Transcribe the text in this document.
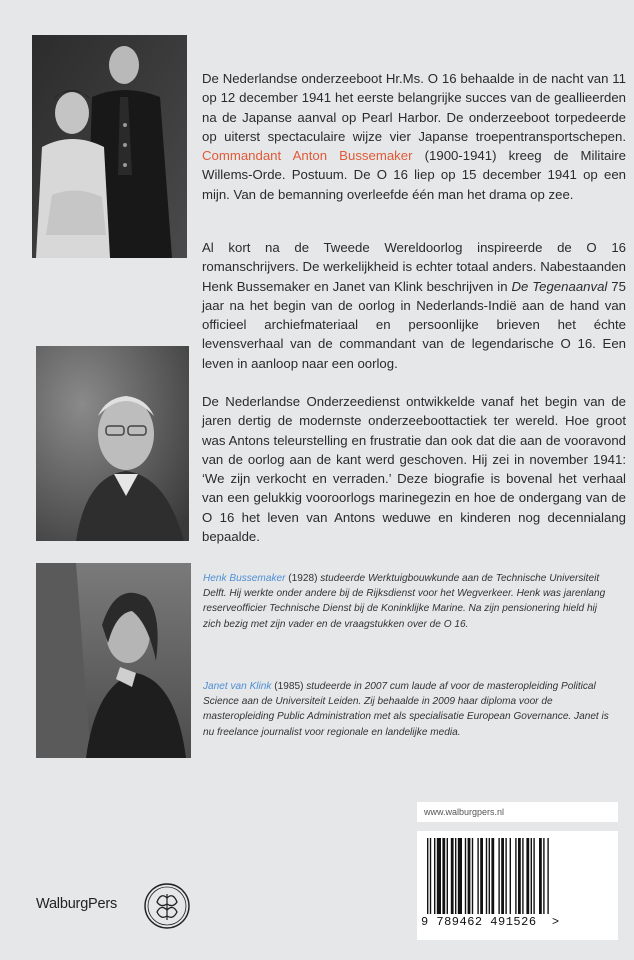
De Nederlandse onderzeeboot Hr.Ms. O 16 behaalde in de nacht van 11 op 12 december 1941 het eerste belangrijke succes van de geallieerden na de Japanse aanval op Pearl Harbor. De onderzeeboot torpedeerde op uiterst spectaculaire wijze vier Japanse troepentransportschepen. Commandant Anton Bussemaker (1900-1941) kreeg de Militaire Willems-Orde. Postuum. De O 16 liep op 15 december 1941 op een mijn. Van de bemanning overleefde één man het drama op zee.

Al kort na de Tweede Wereldoorlog inspireerde de O 16 romanschrijvers. De werkelijkheid is echter totaal anders. Nabestaanden Henk Bussemaker en Janet van Klink beschrijven in De Tegenaanval 75 jaar na het begin van de oorlog in Nederlands-Indië aan de hand van officieel archiefmateriaal en persoonlijke brieven het échte levensverhaal van de commandant van de legendarische O 16. Een leven in aanloop naar een oorlog.

De Nederlandse Onderzeedienst ontwikkelde vanaf het begin van de jaren dertig de modernste onderzeeboottactiek ter wereld. Hoe groot was Antons teleurstelling en frustratie dan ook dat die aan de vooravond van de oorlog aan de kant werd geschoven. Hij zei in november 1941: ‘We zijn verkocht en verraden.’ Deze biografie is bovenal het verhaal van een gelukkig vooroorlogs marinegezin en hoe de ondergang van de O 16 het leven van Antons weduwe en kinderen nog decennialang bepaalde.

Henk Bussemaker (1928) studeerde Werktuigbouwkunde aan de Technische Universiteit Delft. Hij werkte onder andere bij de Rijksdienst voor het Wegverkeer. Henk was jarenlang reserveofficier Technische Dienst bij de Koninklijke Marine. Na zijn pensionering hield hij zich bezig met zijn vader en de vraagstukken over de O 16.

Janet van Klink (1985) studeerde in 2007 cum laude af voor de masteropleiding Political Science aan de Universiteit Leiden. Zij behaalde in 2009 haar diploma voor de masteropleiding Public Administration met als specialisatie European Governance. Janet is nu freelance journalist voor regionale en landelijke media.

www.walburgpers.nl
9 789462 491526  >
WalburgPers
